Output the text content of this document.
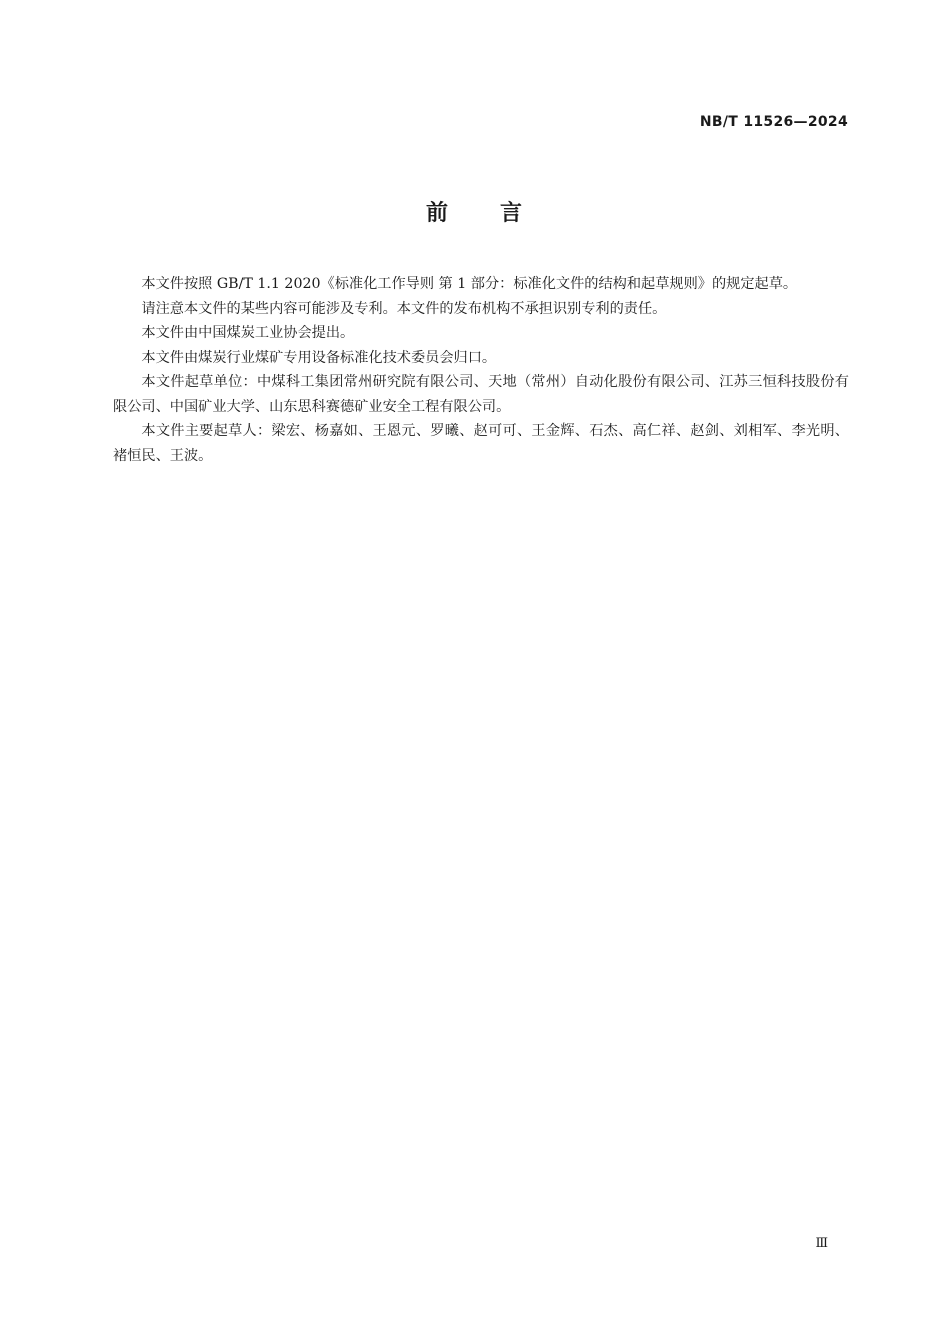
NB/T 11526—2024
前 言

本文件按照 GB/T 1.1 2020《标准化工作导则 第 1 部分：标准化文件的结构和起草规则》的规定起草。

请注意本文件的某些内容可能涉及专利。本文件的发布机构不承担识别专利的责任。

本文件由中国煤炭工业协会提出。

本文件由煤炭行业煤矿专用设备标准化技术委员会归口。

本文件起草单位：中煤科工集团常州研究院有限公司、天地（常州）自动化股份有限公司、江苏三恒科技股份有限公司、中国矿业大学、山东思科赛德矿业安全工程有限公司。

本文件主要起草人：梁宏、杨嘉如、王恩元、罗曦、赵可可、王金辉、石杰、高仁祥、赵剑、刘相军、李光明、褚恒民、王波。

Ⅲ
